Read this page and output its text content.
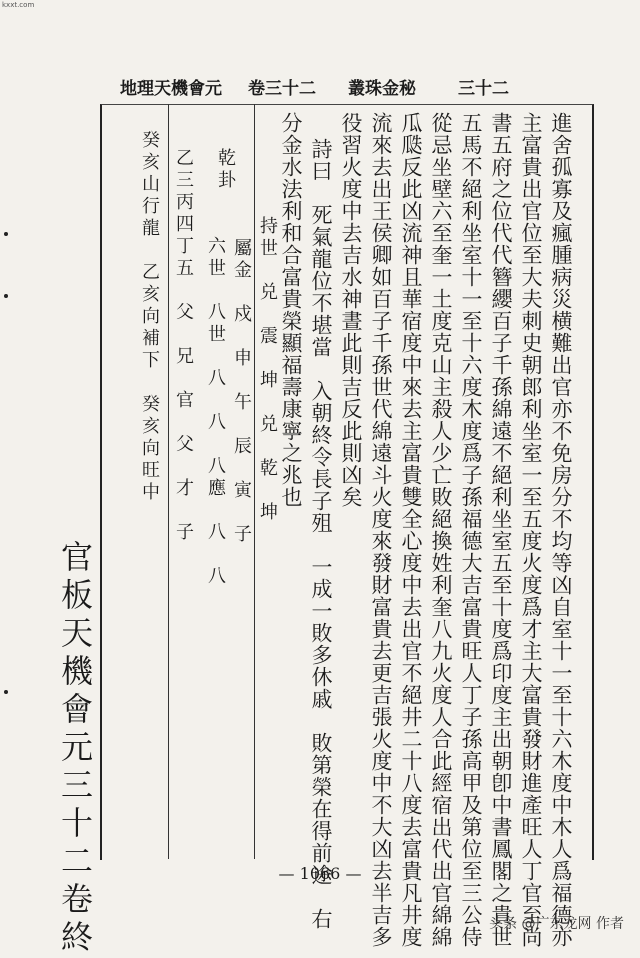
kxxt.com
地理天機會元 卷三十二 叢珠金秘 三十二
進舍孤寡及瘋腫病災横難出官亦不免房分不均等凶自室十一至十六木度中木人爲福德亦
主富貴出官位至大夫刺史朝郎利坐室一至五度火度爲才主大富貴發財進產旺人丁官至尚
書五府之位代代簪纓百子千孫綿遠不絕利坐室五至十度爲印度主出朝卽中書鳳閣之貴世
五馬不絕利坐室十一至十六度木度爲子孫福德大吉富貴旺人丁子孫高甲及第位至三公侍
從忌坐壁六至奎一土度克山主殺人少亡敗絕換姓利奎八九火度人合此經宿出代出官綿綿
瓜瓞反此凶流神且華宿度中來去主富貴雙全心度中去出官不絕井二十八度去富貴凡井度
流來去出王侯卿如百子千孫世代綿遠斗火度來發財富貴去更吉張火度中不大凶去半吉多
役習火度中去吉水神晝此則吉反此則凶矣
詩曰　死氣龍位不堪當　入朝終令長子殂　一成一敗多休戚　敗第榮在得前途　右
分金水法利和合富貴榮顯福壽康寧之兆也
持世　兑　震　坤　兑　乾　坤
屬金　戍　申　午　辰　寅　子
六世　八世　八　八　八應　八　八
乾卦
乙三丙四丁五　父　兄　官　父　才　子
癸亥山行龍　乙亥向補下　癸亥向旺中
官板天機會元三十二卷終	— 1066 —
头条 @广东龙网 作者
